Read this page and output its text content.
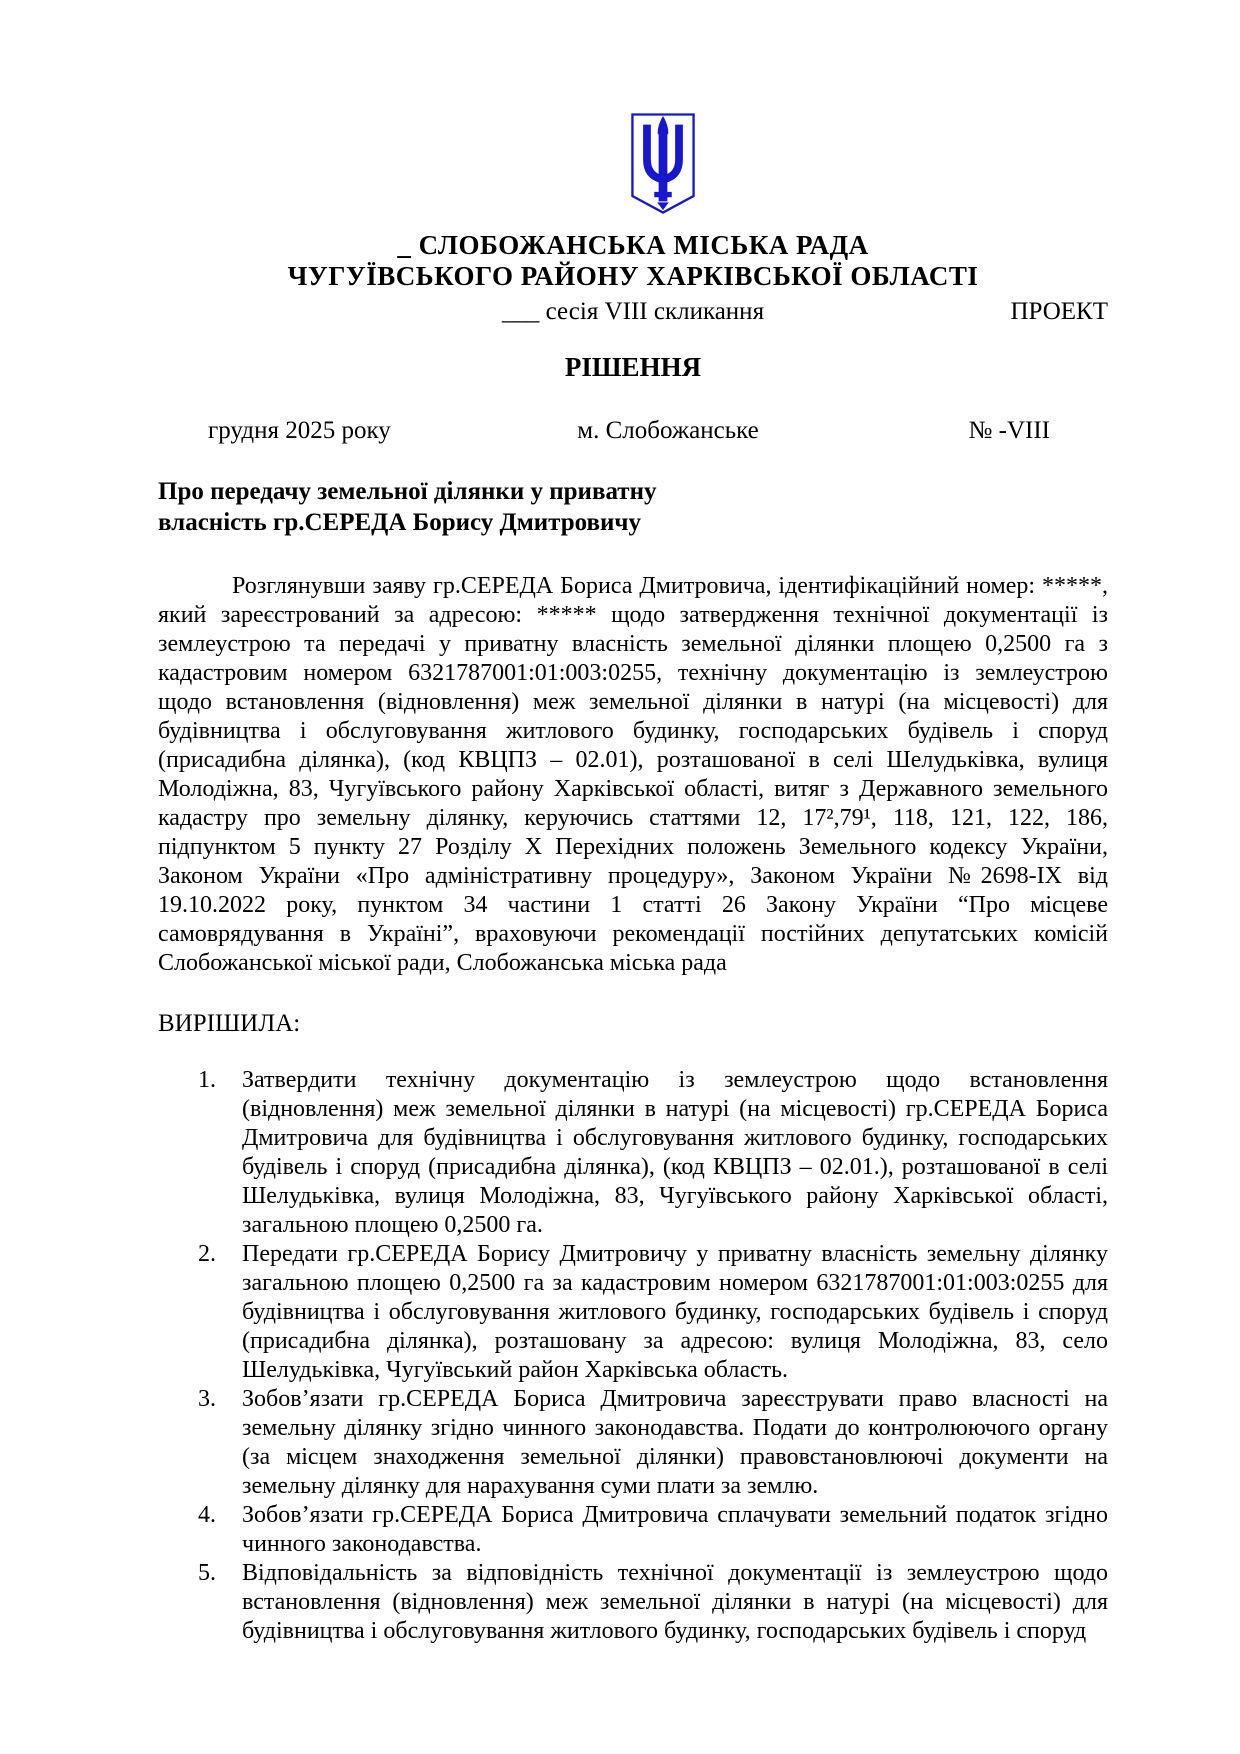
_ СЛОБОЖАНСЬКА МІСЬКА РАДА
ЧУГУЇВСЬКОГО РАЙОНУ ХАРКІВСЬКОЇ ОБЛАСТІ
___ сесія VIII скликання	ПРОЕКТ
РІШЕННЯ
грудня 2025 року	м. Слобожанське	№ -VIII
Про передачу земельної ділянки у приватну
власність гр.СЕРЕДА Борису Дмитровичу

Розглянувши заяву гр.СЕРЕДА Бориса Дмитровича, ідентифікаційний номер: *****, який зареєстрований за адресою: ***** щодо затвердження технічної документації із землеустрою та передачі у приватну власність земельної ділянки площею 0,2500 га з кадастровим номером 6321787001:01:003:0255, технічну документацію із землеустрою щодо встановлення (відновлення) меж земельної ділянки в натурі (на місцевості) для будівництва і обслуговування житлового будинку, господарських будівель і споруд (присадибна ділянка), (код КВЦПЗ – 02.01), розташованої в селі Шелудьківка, вулиця Молодіжна, 83, Чугуївського району Харківської області, витяг з Державного земельного кадастру про земельну ділянку, керуючись статтями 12, 17²,79¹, 118, 121, 122, 186, підпунктом 5 пункту 27 Розділу X Перехідних положень Земельного кодексу України, Законом України «Про адміністративну процедуру», Законом України №2698-IX від 19.10.2022 року, пунктом 34 частини 1 статті 26 Закону України “Про місцеве самоврядування в Україні”, враховуючи рекомендації постійних депутатських комісій Слобожанської міської ради, Слобожанська міська рада

ВИРІШИЛА:
Затвердити технічну документацію із землеустрою щодо встановлення (відновлення) меж земельної ділянки в натурі (на місцевості) гр.СЕРЕДА Бориса Дмитровича для будівництва і обслуговування житлового будинку, господарських будівель і споруд (присадибна ділянка), (код КВЦПЗ – 02.01.), розташованої в селі Шелудьківка, вулиця Молодіжна, 83, Чугуївського району Харківської області, загальною площею 0,2500 га.
Передати гр.СЕРЕДА Борису Дмитровичу у приватну власність земельну ділянку загальною площею 0,2500 га за кадастровим номером 6321787001:01:003:0255 для будівництва і обслуговування житлового будинку, господарських будівель і споруд (присадибна ділянка), розташовану за адресою: вулиця Молодіжна, 83, село Шелудьківка, Чугуївський район Харківська область.
Зобов’язати гр.СЕРЕДА Бориса Дмитровича зареєструвати право власності на земельну ділянку згідно чинного законодавства. Подати до контролюючого органу (за місцем знаходження земельної ділянки) правовстановлюючі документи на земельну ділянку для нарахування суми плати за землю.
Зобов’язати гр.СЕРЕДА Бориса Дмитровича сплачувати земельний податок згідно чинного законодавства.
Відповідальність за відповідність технічної документації із землеустрою щодо встановлення (відновлення) меж земельної ділянки в натурі (на місцевості) для будівництва і обслуговування житлового будинку, господарських будівель і споруд
